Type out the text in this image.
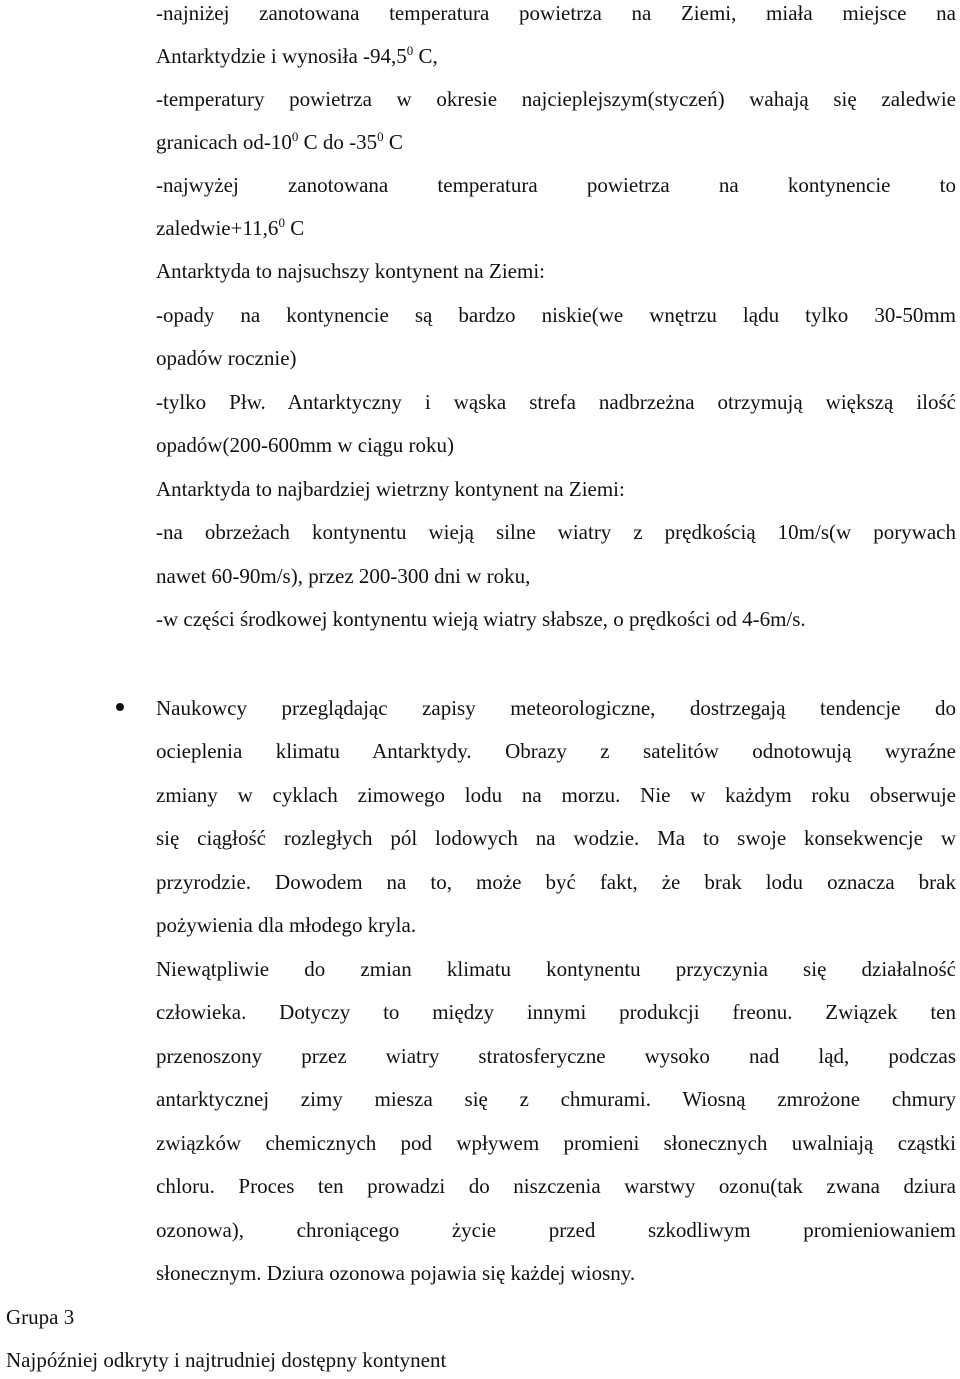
-najniżej zanotowana temperatura powietrza na Ziemi, miała miejsce na
Antarktydzie i wynosiła -94,5$^0$ C,
-temperatury powietrza w okresie najcieplejszym(styczeń) wahają się zaledwie
granicach $od-10^0$ C do $-35^0$ C
-najwyżej zanotowana temperatura powietrza na kontynencie to
$zaledwie+11,6^0$ C
Antarktyda to najsuchszy kontynent na Ziemi:
-opady na kontynencie są bardzo niskie(we wnętrzu lądu tylko 30-50mm
opadów rocznie)
-tylko Płw. Antarktyczny i wąska strefa nadbrzeżna otrzymują większą ilość
opadów(200-600mm w ciągu roku)
Antarktyda to najbardziej wietrzny kontynent na Ziemi:
-na obrzeżach kontynentu wieją silne wiatry z prędkością 10m/s(w porywach
nawet 60-90m/s), przez 200-300 dni w roku,
-w części środkowej kontynentu wieją wiatry słabsze, o prędkości od 4-6m/s.
Naukowcy przeglądając zapisy meteorologiczne, dostrzegają tendencje do
ocieplenia klimatu Antarktydy. Obrazy z satelitów odnotowują wyraźne
zmiany w cyklach zimowego lodu na morzu. Nie w każdym roku obserwuje
się ciągłość rozległych pól lodowych na wodzie. Ma to swoje konsekwencje w
przyrodzie. Dowodem na to, może być fakt, że brak lodu oznacza brak
pożywienia dla młodego kryla.
Niewątpliwie do zmian klimatu kontynentu przyczynia się działalność
człowieka. Dotyczy to między innymi produkcji freonu. Związek ten
przenoszony przez wiatry stratosferyczne wysoko nad ląd, podczas
antarktycznej zimy miesza się z chmurami. Wiosną zmrożone chmury
związków chemicznych pod wpływem promieni słonecznych uwalniają cząstki
chloru. Proces ten prowadzi do niszczenia warstwy ozonu(tak zwana dziura
ozonowa), chroniącego życie przed szkodliwym promieniowaniem
słonecznym. Dziura ozonowa pojawia się każdej wiosny.
Grupa 3
Najpóźniej odkryty i najtrudniej dostępny kontynent
